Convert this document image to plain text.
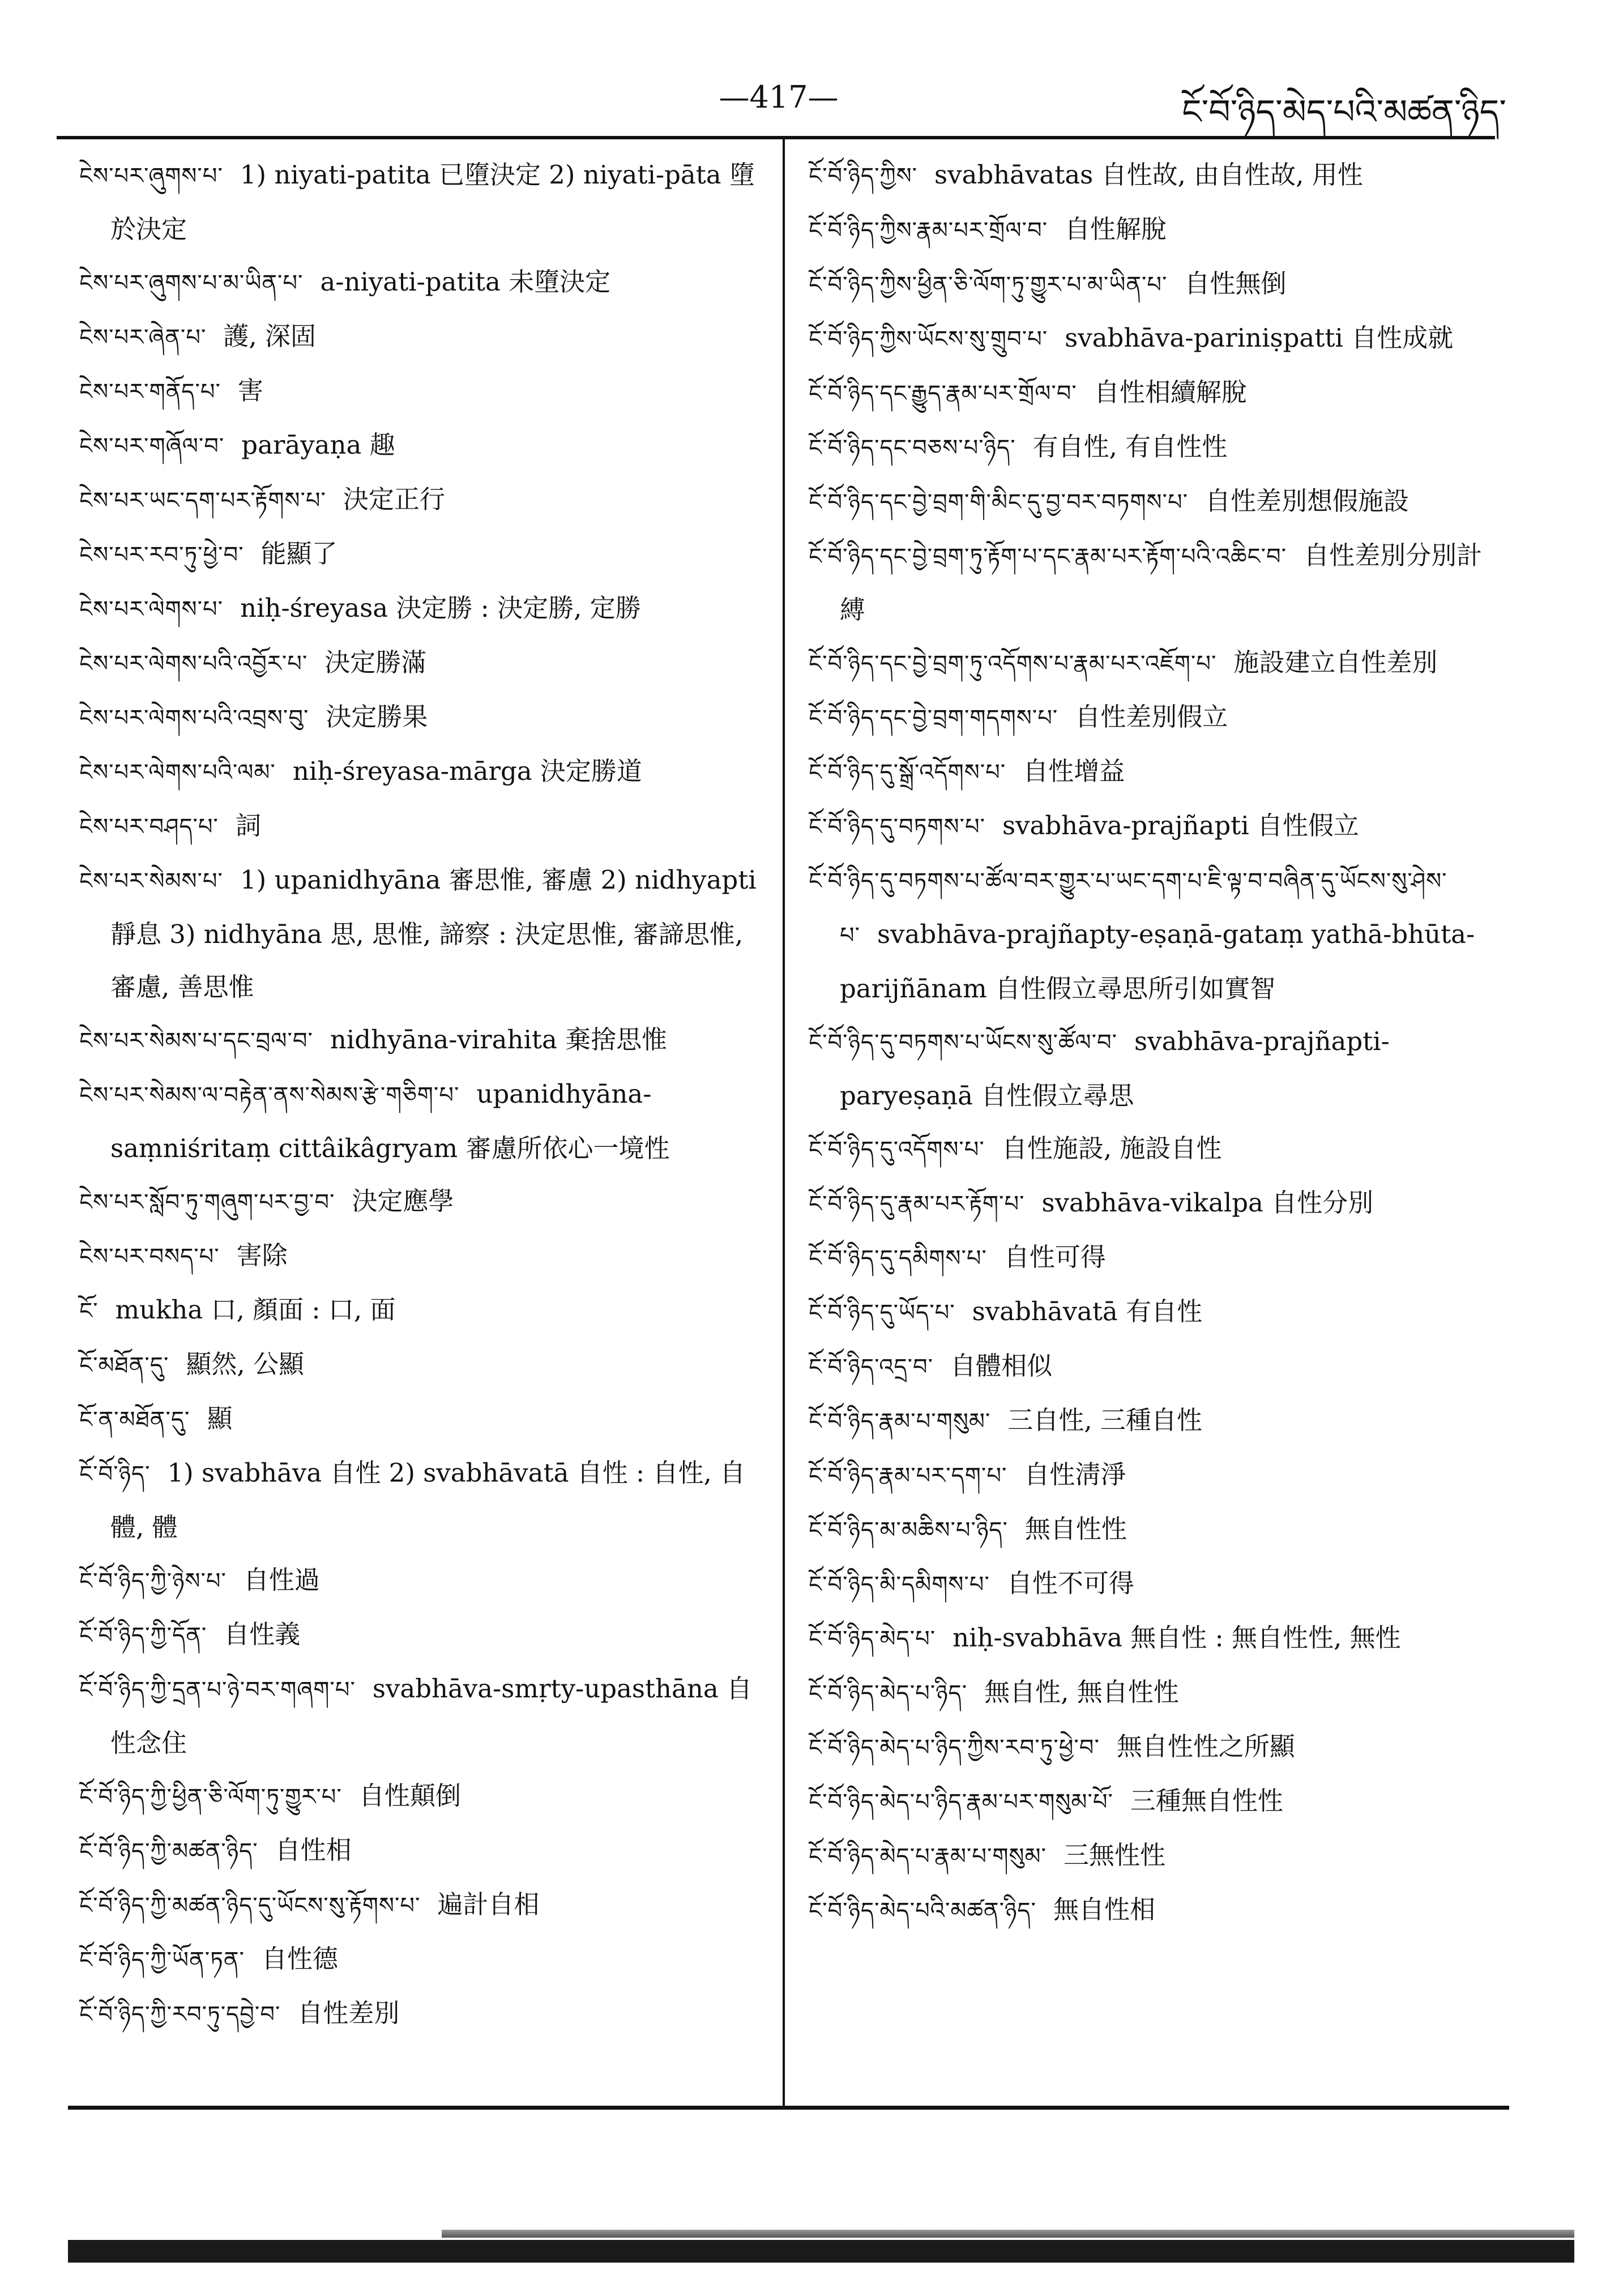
—417—	ངོ་བོ་ཉིད་མེད་པའི་མཚན་ཉིད་

ངེས་པར་ཞུགས་པ་ 1) niyati-patita 已墮決定 2) niyati-pāta 墮於決定

ངེས་པར་ཞུགས་པ་མ་ཡིན་པ་ a-niyati-patita 未墮決定

ངེས་པར་ཞེན་པ་ 護, 深固

ངེས་པར་གནོད་པ་ 害

ངེས་པར་གཞོལ་བ་ parāyaṇa 趣

ངེས་པར་ཡང་དག་པར་རྟོགས་པ་ 決定正行

ངེས་པར་རབ་ཏུ་ཕྱེ་བ་ 能顯了

ངེས་པར་ལེགས་པ་ niḥ-śreyasa 決定勝 : 決定勝, 定勝

ངེས་པར་ལེགས་པའི་འབྱོར་པ་ 決定勝滿

ངེས་པར་ལེགས་པའི་འབྲས་བུ་ 決定勝果

ངེས་པར་ལེགས་པའི་ལམ་ niḥ-śreyasa-mārga 決定勝道

ངེས་པར་བཤད་པ་ 詞

ངེས་པར་སེམས་པ་ 1) upanidhyāna 審思惟, 審慮 2) nidhyapti 靜息 3) nidhyāna 思, 思惟, 諦察 : 決定思惟, 審諦思惟, 審慮, 善思惟

ངེས་པར་སེམས་པ་དང་བྲལ་བ་ nidhyāna-virahita 棄捨思惟

ངེས་པར་སེམས་ལ་བརྟེན་ནས་སེམས་རྩེ་གཅིག་པ་ upanidhyāna-saṃniśritaṃ cittâikâgryam 審慮所依心一境性

ངེས་པར་སློབ་ཏུ་གཞུག་པར་བྱ་བ་ 決定應學

ངེས་པར་བསད་པ་ 害除

ངོ་ mukha 口, 顏面 : 口, 面

ངོ་མཐོན་དུ་ 顯然, 公顯

ངོ་ན་མཐོན་དུ་ 顯

ངོ་བོ་ཉིད་ 1) svabhāva 自性 2) svabhāvatā 自性 : 自性, 自體, 體

ངོ་བོ་ཉིད་ཀྱི་ཉེས་པ་ 自性過

ངོ་བོ་ཉིད་ཀྱི་དོན་ 自性義

ངོ་བོ་ཉིད་ཀྱི་དྲན་པ་ཉེ་བར་གཞག་པ་ svabhāva-smṛty-upasthāna 自性念住

ངོ་བོ་ཉིད་ཀྱི་ཕྱིན་ཅི་ལོག་ཏུ་གྱུར་པ་ 自性顛倒

ངོ་བོ་ཉིད་ཀྱི་མཚན་ཉིད་ 自性相

ངོ་བོ་ཉིད་ཀྱི་མཚན་ཉིད་དུ་ཡོངས་སུ་རྟོགས་པ་ 遍計自相

ངོ་བོ་ཉིད་ཀྱི་ཡོན་ཏན་ 自性德

ངོ་བོ་ཉིད་ཀྱི་རབ་ཏུ་དབྱེ་བ་ 自性差別

ངོ་བོ་ཉིད་ཀྱིས་ svabhāvatas 自性故, 由自性故, 用性

ངོ་བོ་ཉིད་ཀྱིས་རྣམ་པར་གྲོལ་བ་ 自性解脫

ངོ་བོ་ཉིད་ཀྱིས་ཕྱིན་ཅི་ལོག་ཏུ་གྱུར་པ་མ་ཡིན་པ་ 自性無倒

ངོ་བོ་ཉིད་ཀྱིས་ཡོངས་སུ་གྲུབ་པ་ svabhāva-pariniṣpatti 自性成就

ངོ་བོ་ཉིད་དང་རྒྱུད་རྣམ་པར་གྲོལ་བ་ 自性相續解脫

ངོ་བོ་ཉིད་དང་བཅས་པ་ཉིད་ 有自性, 有自性性

ངོ་བོ་ཉིད་དང་བྱེ་བྲག་གི་མིང་དུ་བྱ་བར་བཏགས་པ་ 自性差別想假施設

ངོ་བོ་ཉིད་དང་བྱེ་བྲག་ཏུ་རྟོག་པ་དང་རྣམ་པར་རྟོག་པའི་འཆིང་བ་ 自性差別分別計縛

ངོ་བོ་ཉིད་དང་བྱེ་བྲག་ཏུ་འདོགས་པ་རྣམ་པར་འཇོག་པ་ 施設建立自性差別

ངོ་བོ་ཉིད་དང་བྱེ་བྲག་གདགས་པ་ 自性差別假立

ངོ་བོ་ཉིད་དུ་སྒྲོ་འདོགས་པ་ 自性增益

ངོ་བོ་ཉིད་དུ་བཏགས་པ་ svabhāva-prajñapti 自性假立

ངོ་བོ་ཉིད་དུ་བཏགས་པ་ཚོལ་བར་གྱུར་པ་ཡང་དག་པ་ཇི་ལྟ་བ་བཞིན་དུ་ཡོངས་སུ་ཤེས་པ་ svabhāva-prajñapty-eṣaṇā-gataṃ yathā-bhūta-parijñānam 自性假立尋思所引如實智

ངོ་བོ་ཉིད་དུ་བཏགས་པ་ཡོངས་སུ་ཚོལ་བ་ svabhāva-prajñapti-paryeṣaṇā 自性假立尋思

ངོ་བོ་ཉིད་དུ་འདོགས་པ་ 自性施設, 施設自性

ངོ་བོ་ཉིད་དུ་རྣམ་པར་རྟོག་པ་ svabhāva-vikalpa 自性分別

ངོ་བོ་ཉིད་དུ་དམིགས་པ་ 自性可得

ངོ་བོ་ཉིད་དུ་ཡོད་པ་ svabhāvatā 有自性

ངོ་བོ་ཉིད་འདྲ་བ་ 自體相似

ངོ་བོ་ཉིད་རྣམ་པ་གསུམ་ 三自性, 三種自性

ངོ་བོ་ཉིད་རྣམ་པར་དག་པ་ 自性淸淨

ངོ་བོ་ཉིད་མ་མཆིས་པ་ཉིད་ 無自性性

ངོ་བོ་ཉིད་མི་དམིགས་པ་ 自性不可得

ངོ་བོ་ཉིད་མེད་པ་ niḥ-svabhāva 無自性 : 無自性性, 無性

ངོ་བོ་ཉིད་མེད་པ་ཉིད་ 無自性, 無自性性

ངོ་བོ་ཉིད་མེད་པ་ཉིད་ཀྱིས་རབ་ཏུ་ཕྱེ་བ་ 無自性性之所顯

ངོ་བོ་ཉིད་མེད་པ་ཉིད་རྣམ་པར་གསུམ་པོ་ 三種無自性性

ངོ་བོ་ཉིད་མེད་པ་རྣམ་པ་གསུམ་ 三無性性

ངོ་བོ་ཉིད་མེད་པའི་མཚན་ཉིད་ 無自性相
